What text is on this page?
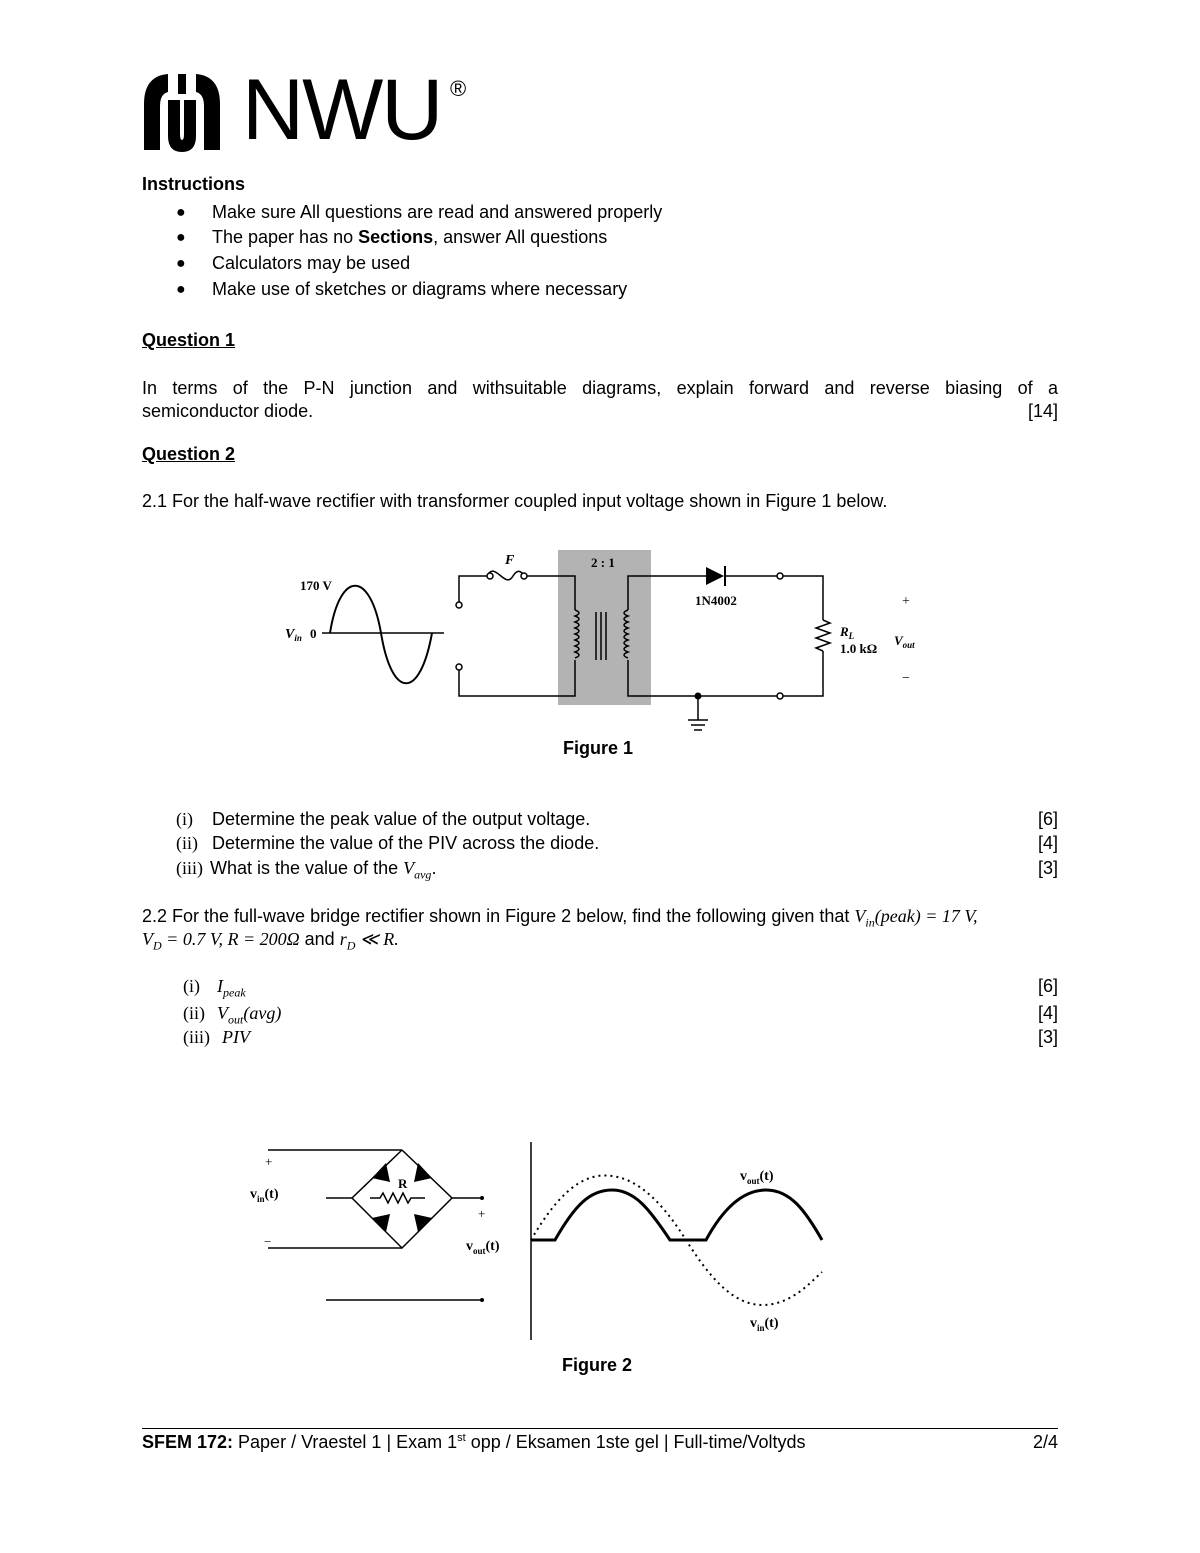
NWU ®
Instructions
● Make sure All questions are read and answered properly
● The paper has no Sections, answer All questions
● Calculators may be used
● Make use of sketches or diagrams where necessary
Question 1
In terms of the P-N junction and withsuitable diagrams, explain forward and reverse biasing of a
semiconductor diode.	[14]
Question 2
2.1 For the half-wave rectifier with transformer coupled input voltage shown in Figure 1 below.
170 V
$V_{in}$ 0
2 : 1
F
1N4002
$R_L$
1.0 kΩ
$V_{out}$
+
−
Figure 1
(i) Determine the peak value of the output voltage.	[6]
(ii) Determine the value of the PIV across the diode.	[4]
(iii) What is the value of the $V_{avg}$.	[3]
2.2 For the full-wave bridge rectifier shown in Figure 2 below, find the following given that $V_{in}(peak) = 17$ V,
$V_D = 0.7$ V, R = 200Ω and $r_D$ ≪ R.
(i) $I_{peak}$	[6]
(ii) $V_{out}(avg)$	[4]
(iii) PIV	[3]
+
−
+
$v_{in}(t)$
$v_{out}(t)$
R	$v_{out}(t)$
$v_{in}(t)$
Figure 2
SFEM 172: Paper / Vraestel 1 | Exam 1st opp / Eksamen 1ste gel | Full-time/Voltyds	2/4
